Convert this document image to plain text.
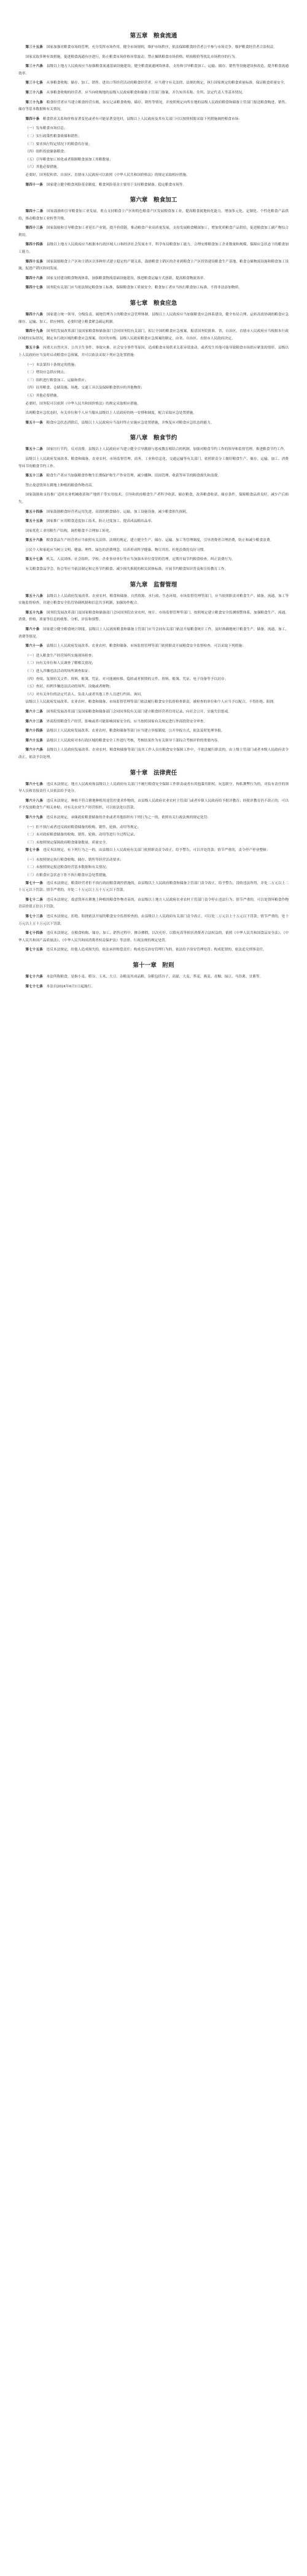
第五章　粮食流通

第三十五条　 国家加强对粮食市场的管理，充分发挥市场作用，健全市场规则，维护市场秩序，依法保障粮食经营者公平参与市场竞争，维护粮食经营者合法权益。

国家采取多种有效措施，促进粮食流通有序进行，防止粮食市场价格异常波动。禁止操纵粮食市场价格、哄抬粮价等扰乱市场秩序的行为。

第三十六条　 县级以上地方人民政府应当加强粮食流通基础设施建设，健全粮食流通网络体系，支持和引导粮食加工、运输、储存、销售等设施建设和改造，提升粮食流通效率。

第三十七条　 从事粮食收购、储存、加工、销售、进出口等经营活动的粮食经营者，应当遵守有关法律、法规的规定，执行国家规定的粮食质量标准，保证粮食质量安全。

第三十八条　 从事粮食收购的经营者，应当向收购地的县级人民政府粮食和储备主管部门备案，并告知其名称、住所、法定代表人等基本情况。

第三十九条　 粮食经营者应当建立粮食经营台账，如实记录粮食收购、储存、销售等情况，并按照规定向所在地的县级人民政府粮食和储备主管部门报送粮食购进、销售、储存等基本数据和有关情况。

第四十条　 粮食供求关系和价格显著变化或者有可能显著变化时，县级以上人民政府及其有关部门可以按照权限采取下列措施调控粮食市场：

（一）发布粮食市场信息；

（二）实行政策性粮食收储和销售；

（三）要求执行特定情况下的粮食库存量；

（四）组织投放储备粮食；

（五）引导粮食加工转化或者限制粮食深加工用粮数量；

（六）其他必要措施。

必要时，国务院和省、自治区、直辖市人民政府可以依照《中华人民共和国价格法》的规定采取相应措施。

第四十一条　 国家建立健全粮食风险基金制度。粮食风险基金主要用于支持粮食储备、稳定粮食市场等。

第六章　粮食加工

第四十二条　 国家鼓励和引导粮食加工业发展，重点支持粮食主产区和特色粮食产区发展粮食加工业，提高粮食就地转化能力，增加多元化、定制化、个性化粮食产品供给，推动粮食加工业转型升级。

第四十三条　 国家鼓励和引导粮食加工者延长产业链，提升价值链，推动粮食产业高质量发展，支持发展粮食精深加工，增加优质粮食产品供给，促进粮食加工副产物综合利用。

第四十四条　 县级以上地方人民政府应当根据本行政区域人口和经济社会发展水平，科学布局粮食加工能力，合理安排粮食加工企业数量和规模，保障应急状态下的粮食加工能力。

第四十五条　 国家鼓励粮食主产区和主销区以多种形式建立稳定的产销关系，鼓励粮食主销区的企业到粮食主产区投资建设粮食生产基地、粮食仓储物流设施和粮食加工设施，促进产销区协同发展。

第四十六条　 国家支持建设粮食物流体系，加强粮食物流基础设施建设，推进粮食运输方式创新，提高粮食物流效率。

第四十七条　 国务院有关部门应当依法制定粮食加工标准，保障粮食加工质量安全。粮食加工者应当执行粮食加工标准，不得非法添加物质。

第七章　粮食应急

第四十八条　 国家建立统一领导、分级负责、属地管理为主的粮食应急管理体制。县级以上人民政府应当加强粮食应急体系建设，健全布局合理、运转高效协调的粮食应急储存、运输、加工、供应网络，必要时建立粮食紧急疏运机制。

第四十九条　 国务院发展改革部门及国家粮食和储备部门会同国务院有关部门，拟订全国的粮食应急预案，报请国务院批准。省、自治区、直辖市人民政府应当根据本行政区域的实际情况，制定本行政区域的粮食应急预案。设区的市级、县级人民政府粮食应急预案的制定，由省、自治区、直辖市人民政府决定。

第五十条　 因重大自然灾害、公共卫生事件、事故灾难、社会安全事件等原因，造成粮食市场供求关系异常波动，或者发生其他可能导致粮食市场供应紧张的情形，县级以上人民政府应当及时启动粮食应急预案，并可以依法采取下列应急处置措施：

（一）本法第四十条规定的措施；

（二）增设应急供应网点；

（三）组织进行粮食加工、运输和供应；

（四）征用粮食、仓储设施、场地、交通工具以及保障粮食供应的其他物资；

（五）其他必要措施。

必要时，国务院可以依照《中华人民共和国价格法》的规定采取相应措施。

出现粮食应急状态时，有关单位和个人应当服从县级以上人民政府的统一安排和调度，配合采取应急处置措施。

第五十一条　 粮食应急状态消除后，县级以上人民政府应当及时终止实施应急处置措施，并恢复应对粮食应急状态的能力。

第八章　粮食节约

第五十二条　 国家厉行节约，反对浪费。县级以上人民政府应当建立健全引导激励与惩戒教育相结合的机制，加强对粮食节约工作的领导和监督管理，推进粮食节约工作。

县级以上人民政府发展改革、粮食和储备、农业农村、市场监督管理、商务、工业和信息化、交通运输等有关部门，依照职责分工做好粮食生产、储存、运输、加工、消费等环节的粮食节约工作。

第五十三条　 粮食生产者应当加强粮食作物生长期保护和生产作业管理，减少播种、田间管理、收获等环节的粮食损失和浪费。

禁止故意毁坏在耕地上种植的粮食作物青苗。

国家鼓励和支持推广适时农业机械收获和产地烘干等实用技术，引导和扶持粮食生产者科学收获、储存粮食，改善粮食收获、储存条件，保障粮食品质良好，减少产后损失。

第五十四条　 国家鼓励粮食经营者运用先进、高效的粮食储存、运输、加工设施设备，减少粮食损失损耗。

第五十五条　 国家推广应用粮食适度加工技术，防止过度加工，提高成品粮出品率。

国家优化工业用粮生产结构，调控粮食不合理加工转化。

第五十六条　 粮食食品生产经营者应当依照有关法律、法规的规定，建立健全生产、储存、运输、加工等管理制度，引导消费者合理消费，防止和减少粮食浪费。

公民个人和家庭应当树立文明、健康、理性、绿色的消费理念，培养形成科学健康、物尽其用、杜绝浪费的良好习惯。

第五十七条　 机关、人民团体、社会组织、学校、企业事业单位等应当加强本单位食堂的管理，定期开展节约粮食检查，纠正浪费行为。

有关粮食食品学会、协会等应当依法制定和完善节约粮食、减少损失损耗的相关团体标准，开展节约粮食知识普及和宣传教育工作。

第九章　监督管理

第五十八条　 县级以上人民政府发展改革、农业农村、粮食和储备、自然资源、水行政、生态环境、市场监督管理等部门，应当依照职责对粮食生产、储备、流通、加工等实施监督检查，并建立粮食安全监管协调机制和信息共享机制，加强协作配合。

第五十九条　 国务院发展改革部门及国家粮食和储备部门会同国务院农业农村、统计、市场监督管理等部门，按照规定建立粮食安全监测预警体系，加强粮食生产、流通、消费、价格、质量等信息的收集、分析、评估和预警。

第六十条　 国家建立健全粮食统计制度。县级以上人民政府粮食和储备主管部门应当会同有关部门依法开展粮食统计工作，及时准确地统计粮食生产、储备、流通、加工、消费等情况。

第六十一条　 县级以上人民政府发展改革、农业农村、粮食和储备、市场监督管理等部门依照职责开展粮食安全监督检查，可以采取下列措施：

（一）进入粮食生产经营场所实施现场检查；

（二）向有关单位和人员调查了解相关情况；

（三）进入涉嫌违法活动的场所调查取证；

（四）查阅、复制有关文件、资料、账簿、凭证，对可能被转移、隐匿或者损毁的文件、资料、账簿、凭证、电子设备等予以封存；

（五）查封、扣押涉嫌违法活动的场所、设施或者财物；

（六）对有关单位的法定代表人、负责人或者其他工作人员进行约谈、询问。

县级以上人民政府发展改革、农业农村、粮食和储备、市场监督管理等部门依法履行粮食安全监督检查职责，被检查的单位和个人应当予以配合，不得拒绝、阻挠。

第六十二条　 国务院发展改革部门及国家粮食和储备部门会同国务院有关部门建立粮食经营者信用记录，向社会公开，实施失信惩戒。

第六十三条　 外商投资粮食生产经营，影响或者可能影响国家安全的，应当按照国家有关规定进行外商投资安全审查。

第六十四条　 县级以上人民政府发展改革、农业农村、粮食和储备等部门应当建立举报制度，公开举报方式，依法及时处理举报。

第六十五条　 县级以上人民政府对本行政区域的粮食安全工作进行考核，考核结果作为有关领导干部综合考核评价的重要内容。

第六十六条　 县级以上人民政府发展改革、农业农村、粮食和储备等部门及其工作人员在粮食安全保障工作中，不依法履行职责的，由上级主管部门或者本级人民政府责令改正，依法予以处理。

第十章　法律责任

第六十七条　 违反本法规定，地方人民政府和县级以上人民政府有关部门不履行粮食安全保障工作职责或者有其他滥用职权、玩忽职守、徇私舞弊行为的，对负有责任的领导人员和直接责任人员依法给予处分。

第六十八条　 违反本法规定，种植不符合耕地种植用途管控要求作物的，由县级人民政府农业农村主管部门或者乡镇人民政府给予批评教育；经批评教育仍不改正的，可以不予发放粮食生产相关补贴；对有关农业生产经营组织，可以依法处以罚款。

第六十九条　 违反本法规定，承储政府粮食储备的企业或者其他组织有下列行为之一的，依照有关行政法规的规定处罚：

（一）拒不执行或者违反政府粮食储备的收购、销售、轮换、动用等规定；

（二）未对政府粮食储备的收购、销售、轮换、动用等进行全过程记录；

（三）未按照规定保障政府粮食储备数量、质量安全。

第七十条　 违反本法规定，有下列行为之一的，由县级以上人民政府有关部门依照职责责令改正，给予警告，可以并处罚款；情节严重的，责令停产停业整顿：

（一）未按照规定执行粮食收购、储存、销售等经营活动要求；

（二）未按照规定报送粮食经营基本数据和有关情况；

（三）在粮食应急状态下拒不执行粮食应急处置措施。

第七十一条　 违反本法规定，粮食经营者拒不执行政府粮食调控措施的，由县级以上人民政府粮食和储备主管部门责令改正，给予警告，没收违法所得，并处二万元以上二十万元以下罚款；情节严重的，并处二十万元以上五十万元以下罚款。

第七十二条　 违反本法规定，故意毁坏在耕地上种植的粮食作物青苗的，由县级以上地方人民政府农业农村主管部门责令停止违法行为；情节严重的，可以处毁坏粮食作物青苗价值五倍以下罚款。

第七十三条　 违反本法规定，拒绝、阻挠依法开展的粮食安全监督检查的，由县级以上人民政府有关部门责令改正，可以处二万元以上十万元以下罚款；情节严重的，处十万元以上五十万元以下罚款。

第七十四条　 违反本法规定，在粮食收购、储存、加工、销售过程中，掺杂掺假、以次充好、以假充真等损害消费者合法权益的，依照《中华人民共和国食品安全法》、《中华人民共和国产品质量法》、《中华人民共和国消费者权益保护法》等法律、行政法规的规定处罚。

第七十五条　 违反本法规定，给他人造成损失的，依法承担赔偿责任；构成违反治安管理行为的，依法给予治安管理处罚；构成犯罪的，依法追究刑事责任。

第十一章　附则

第七十六条　 本法所称粮食，是指小麦、稻谷、玉米、大豆、杂粮及其成品粮。杂粮包括谷子、高粱、大麦、荞麦、燕麦、青稞、绿豆、马铃薯、甘薯等。

第七十七条　 本法自2024年6月1日起施行。
